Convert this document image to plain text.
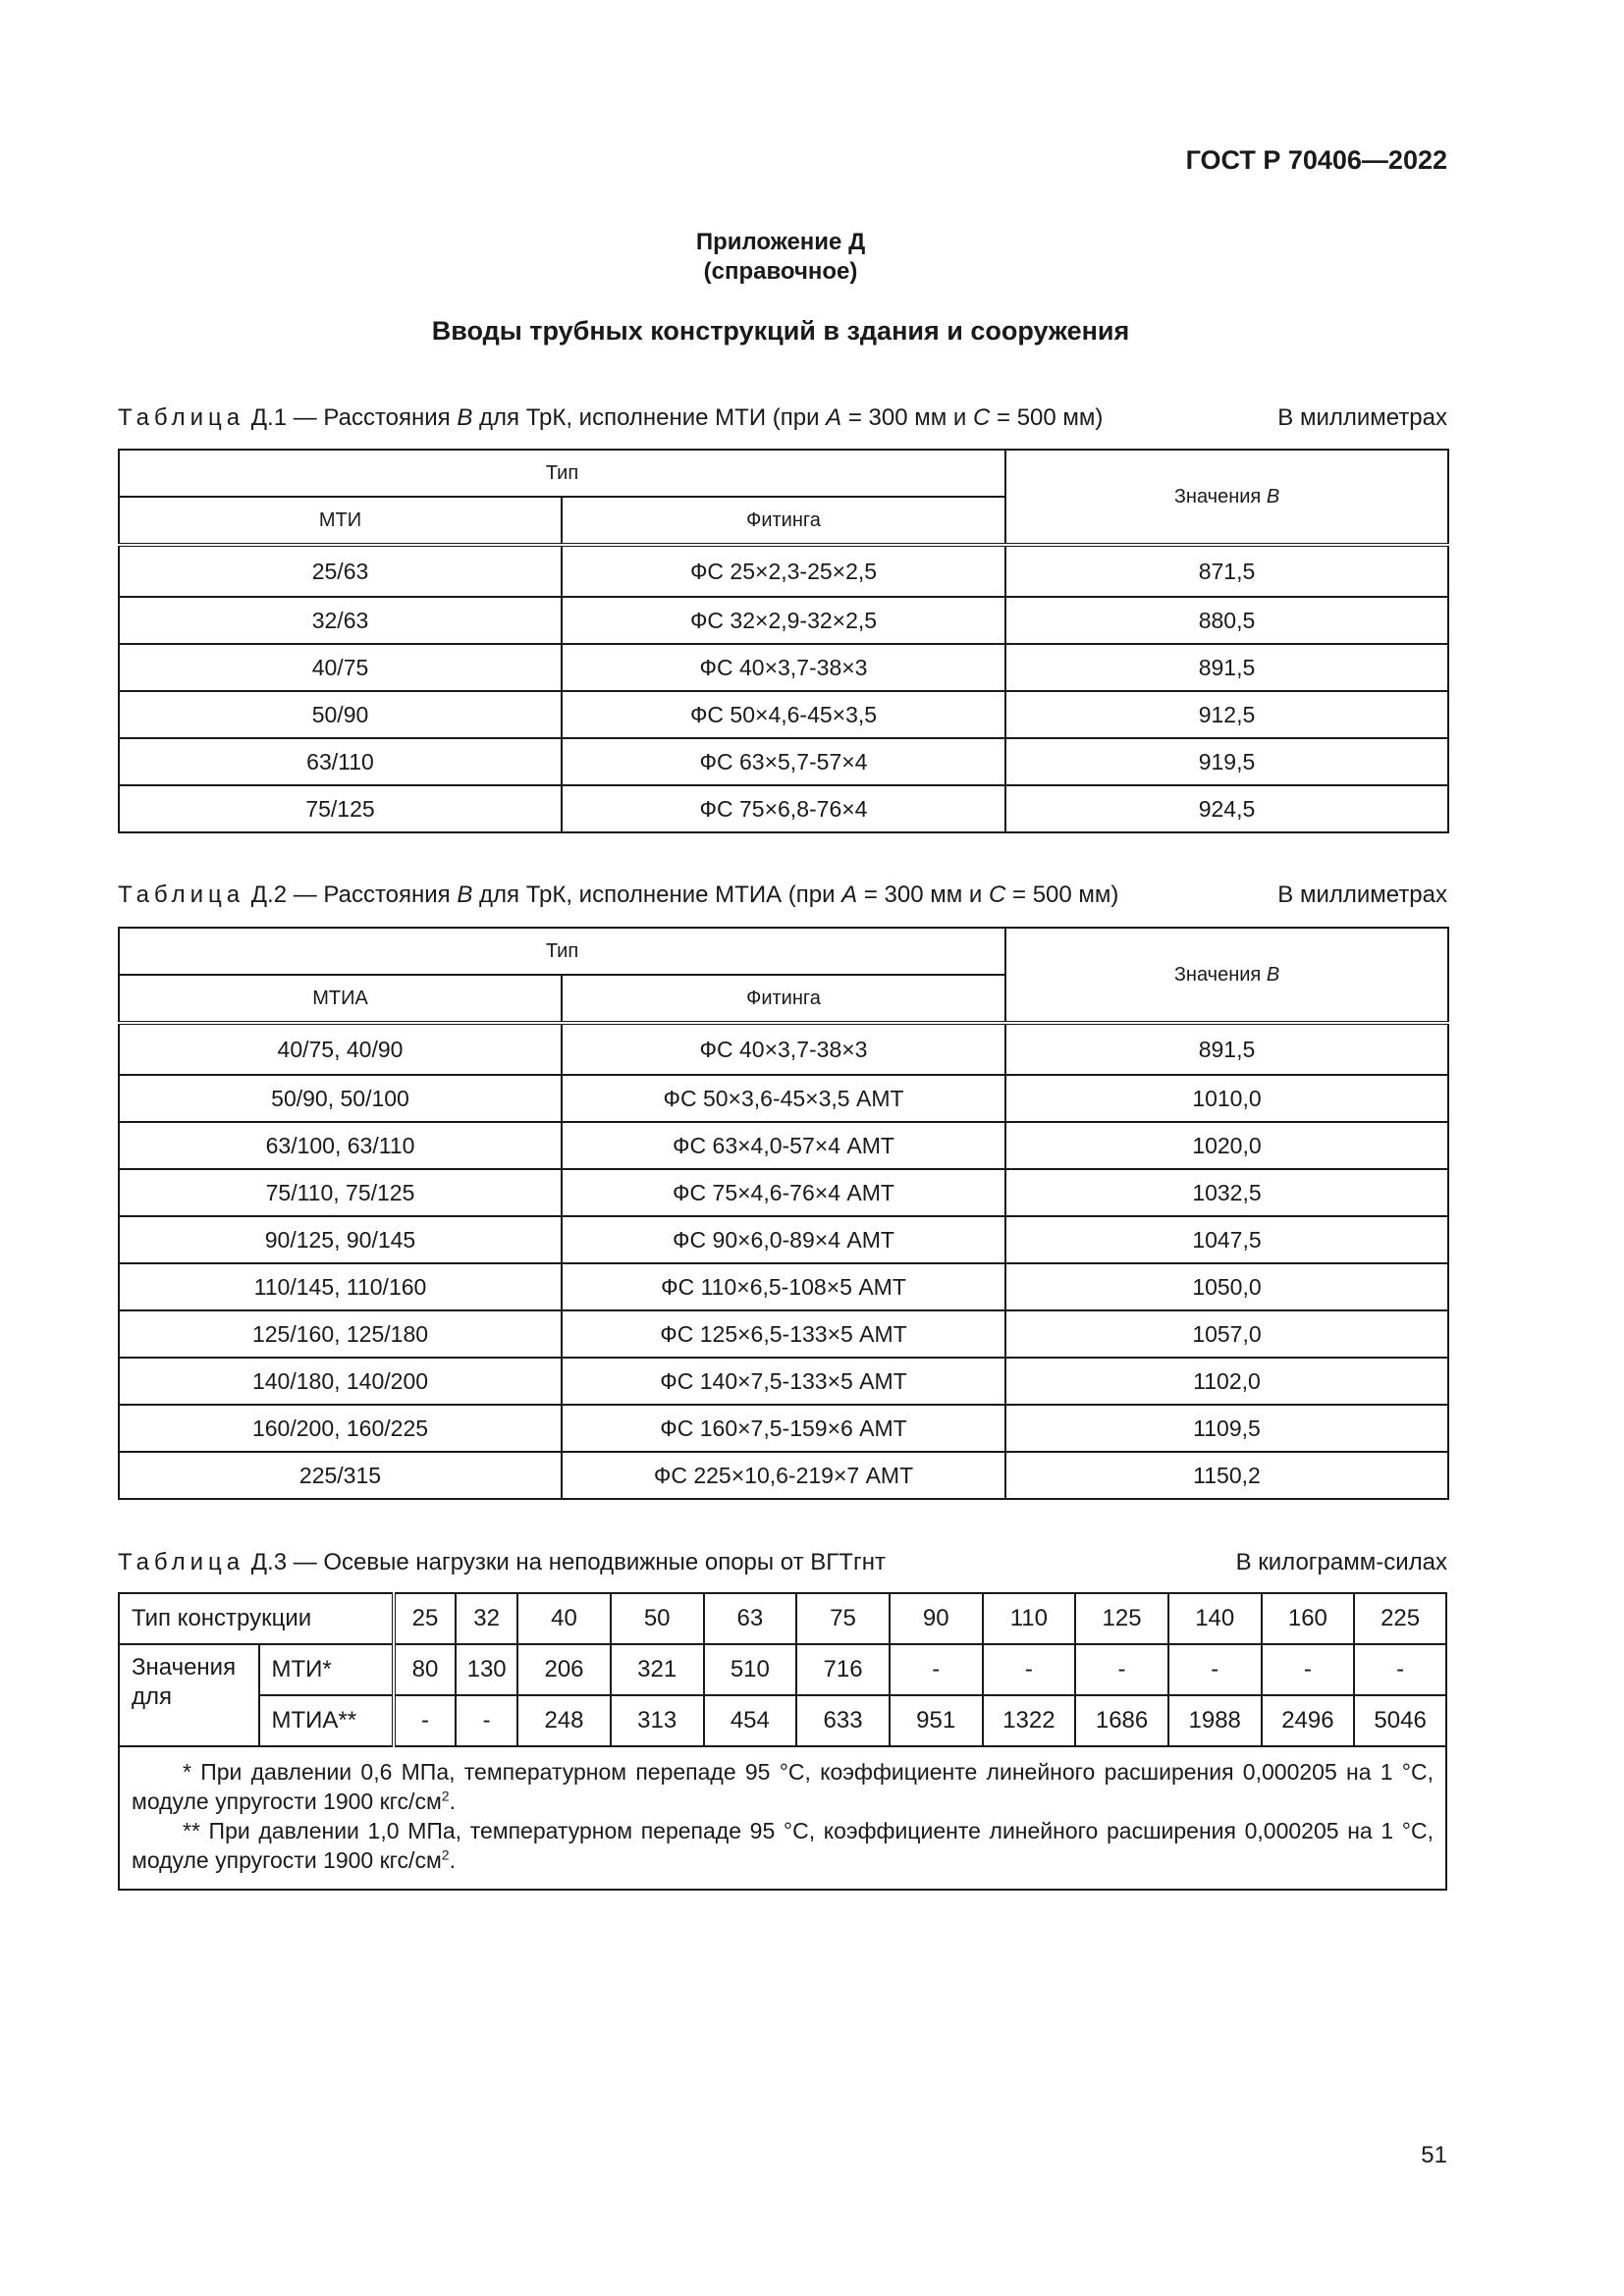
ГОСТ Р 70406—2022
Приложение Д
(справочное)
Вводы трубных конструкций в здания и сооружения
Таблица Д.1 — Расстояния В для ТрК, исполнение МТИ (при А = 300 мм и С = 500 мм)	В миллиметрах
Тип		Значения В
МТИ	Фитинга	
25/63	ФС 25×2,3-25×2,5	871,5
32/63	ФС 32×2,9-32×2,5	880,5
40/75	ФС 40×3,7-38×3	891,5
50/90	ФС 50×4,6-45×3,5	912,5
63/110	ФС 63×5,7-57×4	919,5
75/125	ФС 75×6,8-76×4	924,5
Таблица Д.2 — Расстояния В для ТрК, исполнение МТИА (при А = 300 мм и С = 500 мм)	В миллиметрах
Тип		Значения В
МТИА	Фитинга	
40/75, 40/90	ФС 40×3,7-38×3	891,5
50/90, 50/100	ФС 50×3,6-45×3,5 АМТ	1010,0
63/100, 63/110	ФС 63×4,0-57×4 АМТ	1020,0
75/110, 75/125	ФС 75×4,6-76×4 АМТ	1032,5
90/125, 90/145	ФС 90×6,0-89×4 АМТ	1047,5
110/145, 110/160	ФС 110×6,5-108×5 АМТ	1050,0
125/160, 125/180	ФС 125×6,5-133×5 АМТ	1057,0
140/180, 140/200	ФС 140×7,5-133×5 АМТ	1102,0
160/200, 160/225	ФС 160×7,5-159×6 АМТ	1109,5
225/315	ФС 225×10,6-219×7 АМТ	1150,2
Таблица Д.3 — Осевые нагрузки на неподвижные опоры от ВГТгнт	В килограмм-силах
Тип конструкции		25	32	40	50	63	75	90	110	125	140	160	225
Значения для	МТИ*	80	130	206	321	510	716	-	-	-	-	-	-
	МТИА**	-	-	248	313	454	633	951	1322	1686	1988	2496	5046

* При давлении 0,6 МПа, температурном перепаде 95 °С, коэффициенте линейного расширения 0,000205 на 1 °С, модуле упругости 1900 кгс/$см^2$.

** При давлении 1,0 МПа, температурном перепаде 95 °С, коэффициенте линейного расширения 0,000205 на 1 °С, модуле упругости 1900 кгс/$см^2$.													

51
